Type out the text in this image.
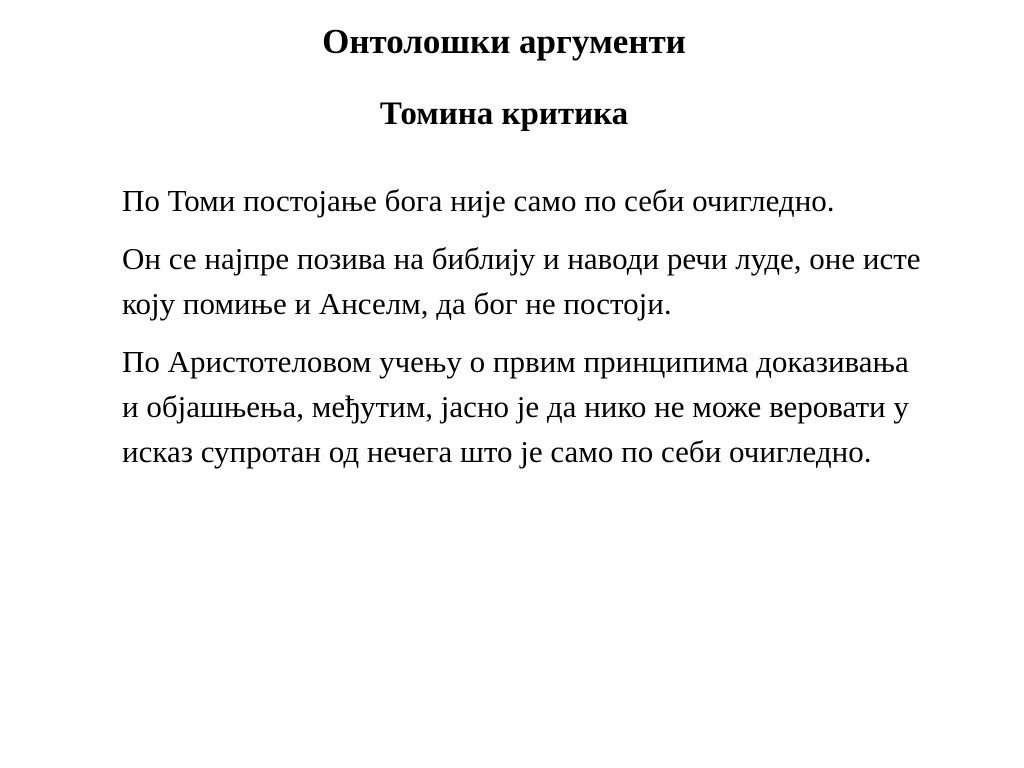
Онтолошки аргументи
Томина критика

По Томи постојање бога није само по себи очигледно.

Он се најпре позива на библију и наводи речи луде, оне исте коју помиње и Анселм, да бог не постоји.

По Аристотеловом учењу о првим принципима доказивања и објашњења, међутим, јасно је да нико не може веровати у исказ супротан од нечега што је само по себи очигледно.
